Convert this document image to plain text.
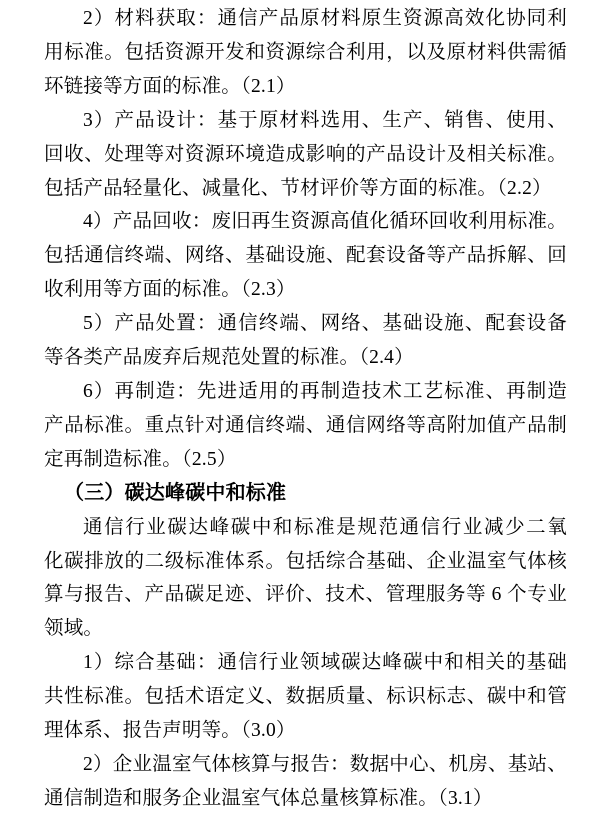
2）材料获取：通信产品原材料原生资源高效化协同利
用标准。包括资源开发和资源综合利用，以及原材料供需循
环链接等方面的标准。（2.1）
3）产品设计：基于原材料选用、生产、销售、使用、
回收、处理等对资源环境造成影响的产品设计及相关标准。
包括产品轻量化、减量化、节材评价等方面的标准。（2.2）
4）产品回收：废旧再生资源高值化循环回收利用标准。
包括通信终端、网络、基础设施、配套设备等产品拆解、回
收利用等方面的标准。（2.3）
5）产品处置：通信终端、网络、基础设施、配套设备
等各类产品废弃后规范处置的标准。（2.4）
6）再制造：先进适用的再制造技术工艺标准、再制造
产品标准。重点针对通信终端、通信网络等高附加值产品制
定再制造标准。（2.5）
（三）碳达峰碳中和标准
通信行业碳达峰碳中和标准是规范通信行业减少二氧
化碳排放的二级标准体系。包括综合基础、企业温室气体核
算与报告、产品碳足迹、评价、技术、管理服务等 6 个专业
领域。
1）综合基础：通信行业领域碳达峰碳中和相关的基础
共性标准。包括术语定义、数据质量、标识标志、碳中和管
理体系、报告声明等。（3.0）
2）企业温室气体核算与报告：数据中心、机房、基站、
通信制造和服务企业温室气体总量核算标准。（3.1）
